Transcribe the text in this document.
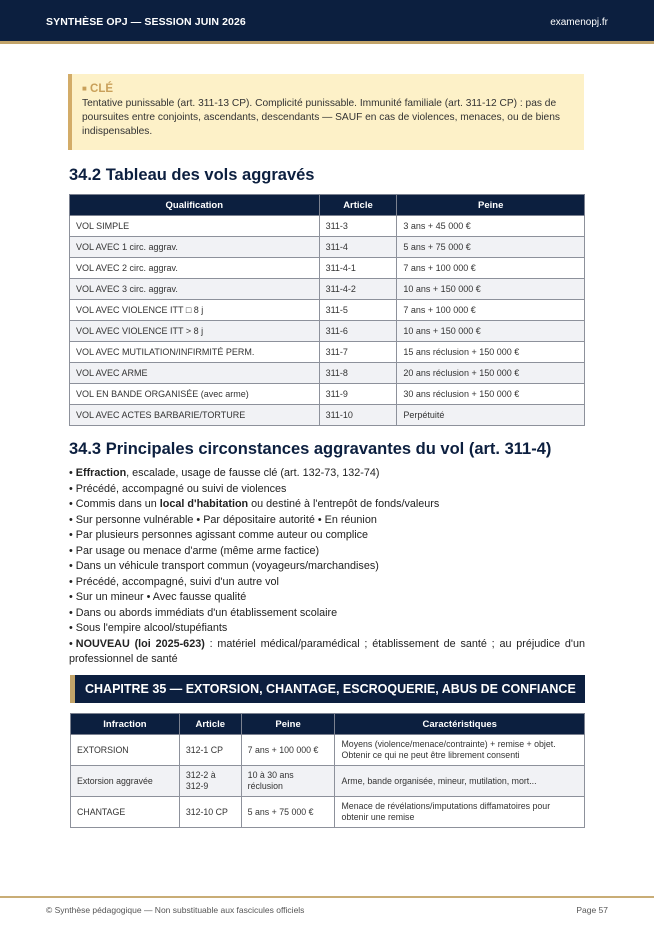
SYNTHÈSE OPJ — SESSION JUIN 2026	examenopj.fr
■ CLÉ
Tentative punissable (art. 311-13 CP). Complicité punissable. Immunité familiale (art. 311-12 CP) : pas de poursuites entre conjoints, ascendants, descendants — SAUF en cas de violences, menaces, ou de biens indispensables.
34.2 Tableau des vols aggravés
Qualification	Article	Peine
VOL SIMPLE	311-3	3 ans + 45 000 €
VOL AVEC 1 circ. aggrav.	311-4	5 ans + 75 000 €
VOL AVEC 2 circ. aggrav.	311-4-1	7 ans + 100 000 €
VOL AVEC 3 circ. aggrav.	311-4-2	10 ans + 150 000 €
VOL AVEC VIOLENCE ITT □ 8 j	311-5	7 ans + 100 000 €
VOL AVEC VIOLENCE ITT > 8 j	311-6	10 ans + 150 000 €
VOL AVEC MUTILATION/INFIRMITÉ PERM.	311-7	15 ans réclusion + 150 000 €
VOL AVEC ARME	311-8	20 ans réclusion + 150 000 €
VOL EN BANDE ORGANISÉE (avec arme)	311-9	30 ans réclusion + 150 000 €
VOL AVEC ACTES BARBARIE/TORTURE	311-10	Perpétuité
34.3 Principales circonstances aggravantes du vol (art. 311-4)
• Effraction, escalade, usage de fausse clé (art. 132-73, 132-74)
• Précédé, accompagné ou suivi de violences
• Commis dans un local d'habitation ou destiné à l'entrepôt de fonds/valeurs
• Sur personne vulnérable • Par dépositaire autorité • En réunion
• Par plusieurs personnes agissant comme auteur ou complice
• Par usage ou menace d'arme (même arme factice)
• Dans un véhicule transport commun (voyageurs/marchandises)
• Précédé, accompagné, suivi d'un autre vol
• Sur un mineur • Avec fausse qualité
• Dans ou abords immédiats d'un établissement scolaire
• Sous l'empire alcool/stupéfiants
• NOUVEAU (loi 2025-623) : matériel médical/paramédical ; établissement de santé ; au préjudice d'un professionnel de santé
CHAPITRE 35 — EXTORSION, CHANTAGE, ESCROQUERIE, ABUS DE CONFIANCE
Infraction	Article	Peine	Caractéristiques
EXTORSION	312-1 CP	7 ans + 100 000 €	Moyens (violence/menace/contrainte) + remise + objet. Obtenir ce qui ne peut être librement consenti
Extorsion aggravée	312-2 à 312-9	10 à 30 ans réclusion	Arme, bande organisée, mineur, mutilation, mort...
CHANTAGE	312-10 CP	5 ans + 75 000 €	Menace de révélations/imputations diffamatoires pour obtenir une remise
© Synthèse pédagogique — Non substituable aux fascicules officiels	Page 57
